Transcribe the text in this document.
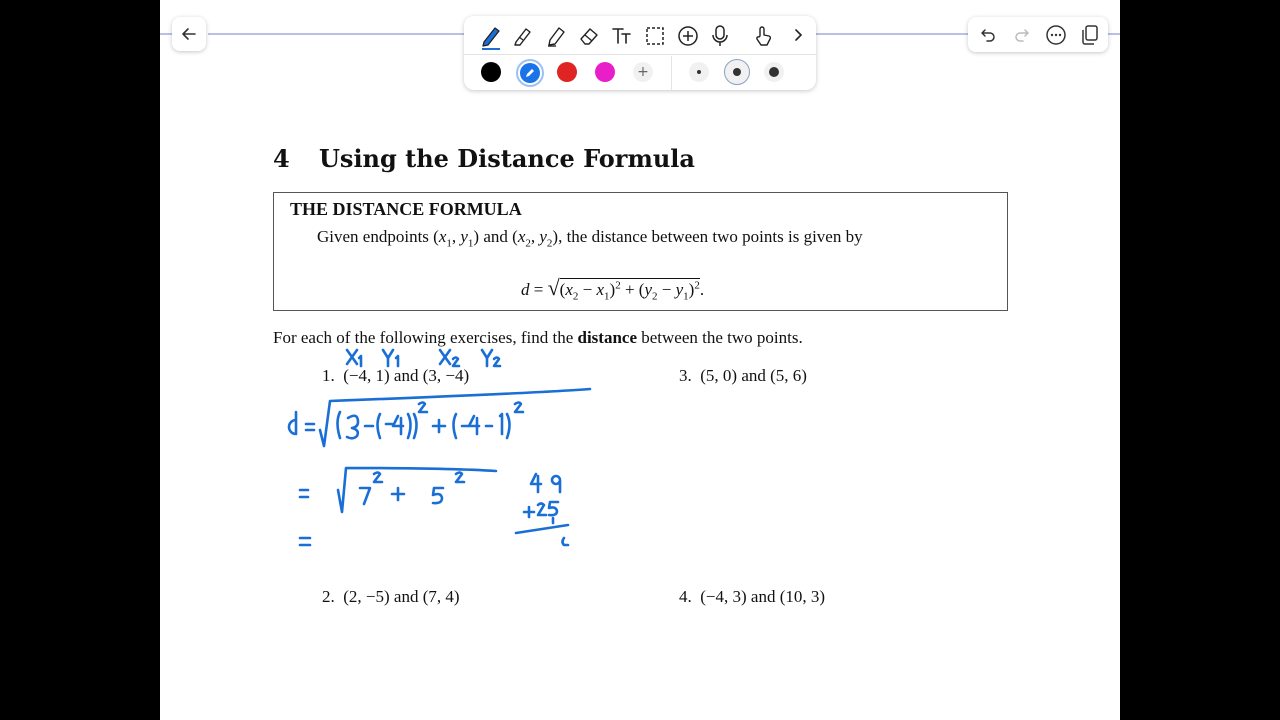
+
4 Using the Distance Formula
THE DISTANCE FORMULA
Given endpoints ($x_1$, $y_1$) and ($x_2$, $y_2$), the distance between two points is given by
$d = √(x_2 - x_1)^2 + (y_2 - y_1)^2$.
For each of the following exercises, find the distance between the two points.
1. (−4, 1) and (3, −4)	3. (5, 0) and (5, 6)
2. (2, −5) and (7, 4)	4. (−4, 3) and (10, 3)
